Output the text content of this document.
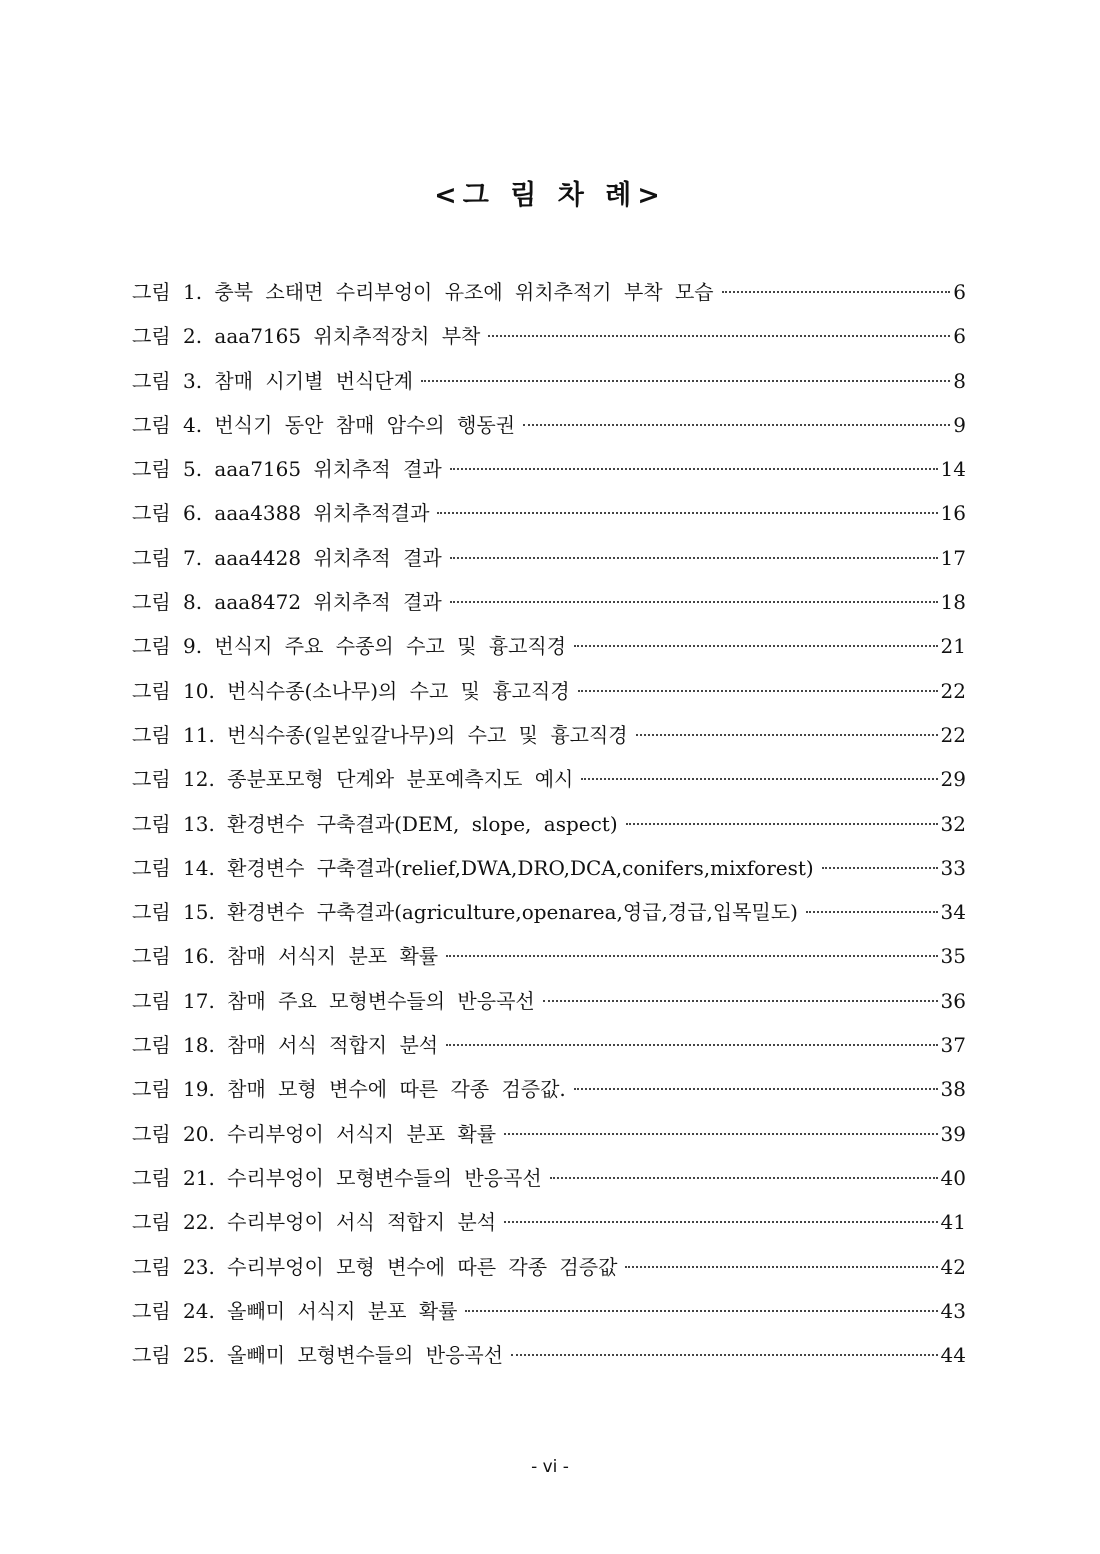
<그 림 차 례>
그림 1. 충북 소태면 수리부엉이 유조에 위치추적기 부착 모습	6
그림 2. aaa7165 위치추적장치 부착	6
그림 3. 참매 시기별 번식단계	8
그림 4. 번식기 동안 참매 암수의 행동권	9
그림 5. aaa7165 위치추적 결과	14
그림 6. aaa4388 위치추적결과	16
그림 7. aaa4428 위치추적 결과	17
그림 8. aaa8472 위치추적 결과	18
그림 9. 번식지 주요 수종의 수고 및 흉고직경	21
그림 10. 번식수종(소나무)의 수고 및 흉고직경	22
그림 11. 번식수종(일본잎갈나무)의 수고 및 흉고직경	22
그림 12. 종분포모형 단계와 분포예측지도 예시	29
그림 13. 환경변수 구축결과(DEM, slope, aspect)	32
그림 14. 환경변수 구축결과(relief,DWA,DRO,DCA,conifers,mixforest)	33
그림 15. 환경변수 구축결과(agriculture,openarea,영급,경급,입목밀도)	34
그림 16. 참매 서식지 분포 확률	35
그림 17. 참매 주요 모형변수들의 반응곡선	36
그림 18. 참매 서식 적합지 분석	37
그림 19. 참매 모형 변수에 따른 각종 검증값.	38
그림 20. 수리부엉이 서식지 분포 확률	39
그림 21. 수리부엉이 모형변수들의 반응곡선	40
그림 22. 수리부엉이 서식 적합지 분석	41
그림 23. 수리부엉이 모형 변수에 따른 각종 검증값	42
그림 24. 올빼미 서식지 분포 확률	43
그림 25. 올빼미 모형변수들의 반응곡선	44
- vi -
